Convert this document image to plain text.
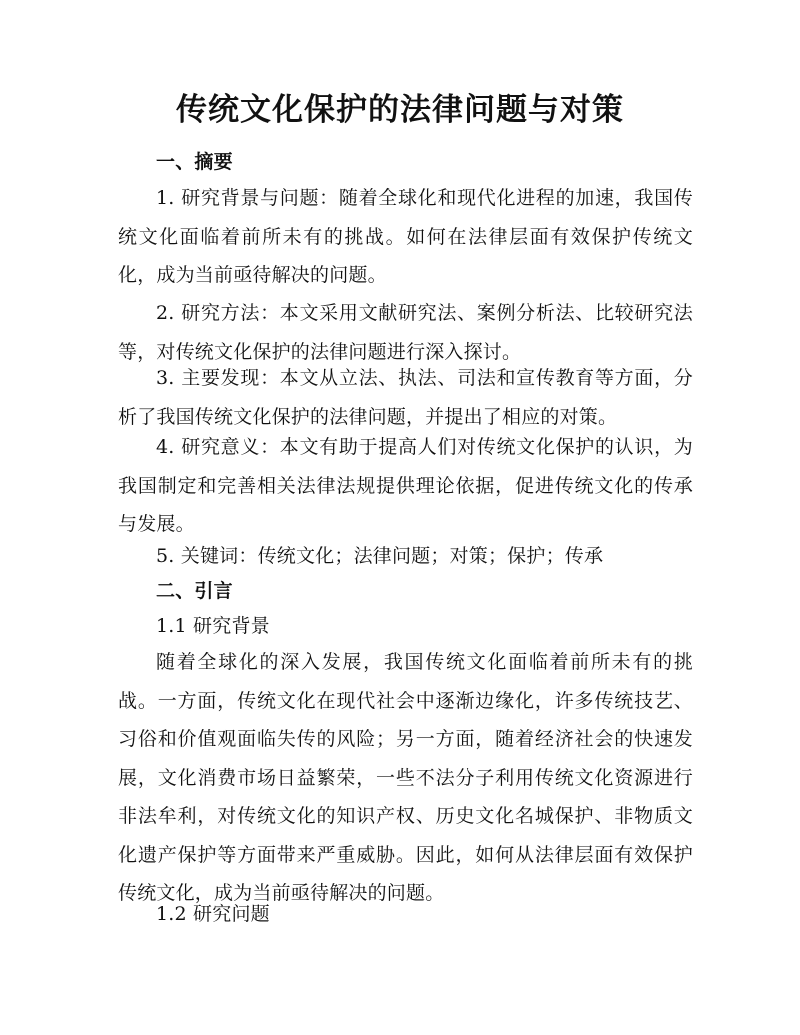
传统文化保护的法律问题与对策

一、摘要

1. 研究背景与问题：随着全球化和现代化进程的加速，我国传统文化面临着前所未有的挑战。如何在法律层面有效保护传统文化，成为当前亟待解决的问题。

2. 研究方法：本文采用文献研究法、案例分析法、比较研究法等，对传统文化保护的法律问题进行深入探讨。

3. 主要发现：本文从立法、执法、司法和宣传教育等方面，分析了我国传统文化保护的法律问题，并提出了相应的对策。

4. 研究意义：本文有助于提高人们对传统文化保护的认识，为我国制定和完善相关法律法规提供理论依据，促进传统文化的传承与发展。

5. 关键词：传统文化；法律问题；对策；保护；传承

二、引言

1.1 研究背景

随着全球化的深入发展，我国传统文化面临着前所未有的挑战。一方面，传统文化在现代社会中逐渐边缘化，许多传统技艺、习俗和价值观面临失传的风险；另一方面，随着经济社会的快速发展，文化消费市场日益繁荣，一些不法分子利用传统文化资源进行非法牟利，对传统文化的知识产权、历史文化名城保护、非物质文化遗产保护等方面带来严重威胁。因此，如何从法律层面有效保护传统文化，成为当前亟待解决的问题。

1.2 研究问题
